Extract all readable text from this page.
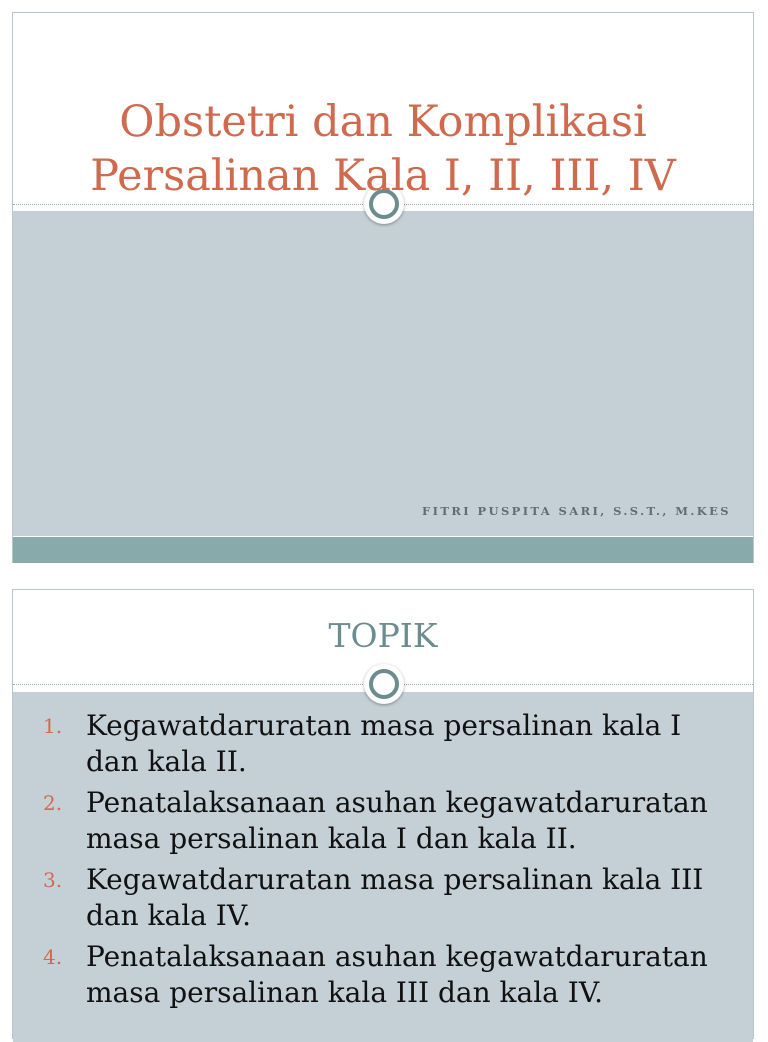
Obstetri dan Komplikasi
Persalinan Kala I, II, III, IV

FITRI PUSPITA SARI, S.S.T., M.KES

TOPIK
1. Kegawatdaruratan masa persalinan kala I dan kala II.
2. Penatalaksanaan asuhan kegawatdaruratan masa persalinan kala I dan kala II.
3. Kegawatdaruratan masa persalinan kala III dan kala IV.
4. Penatalaksanaan asuhan kegawatdaruratan masa persalinan kala III dan kala IV.
